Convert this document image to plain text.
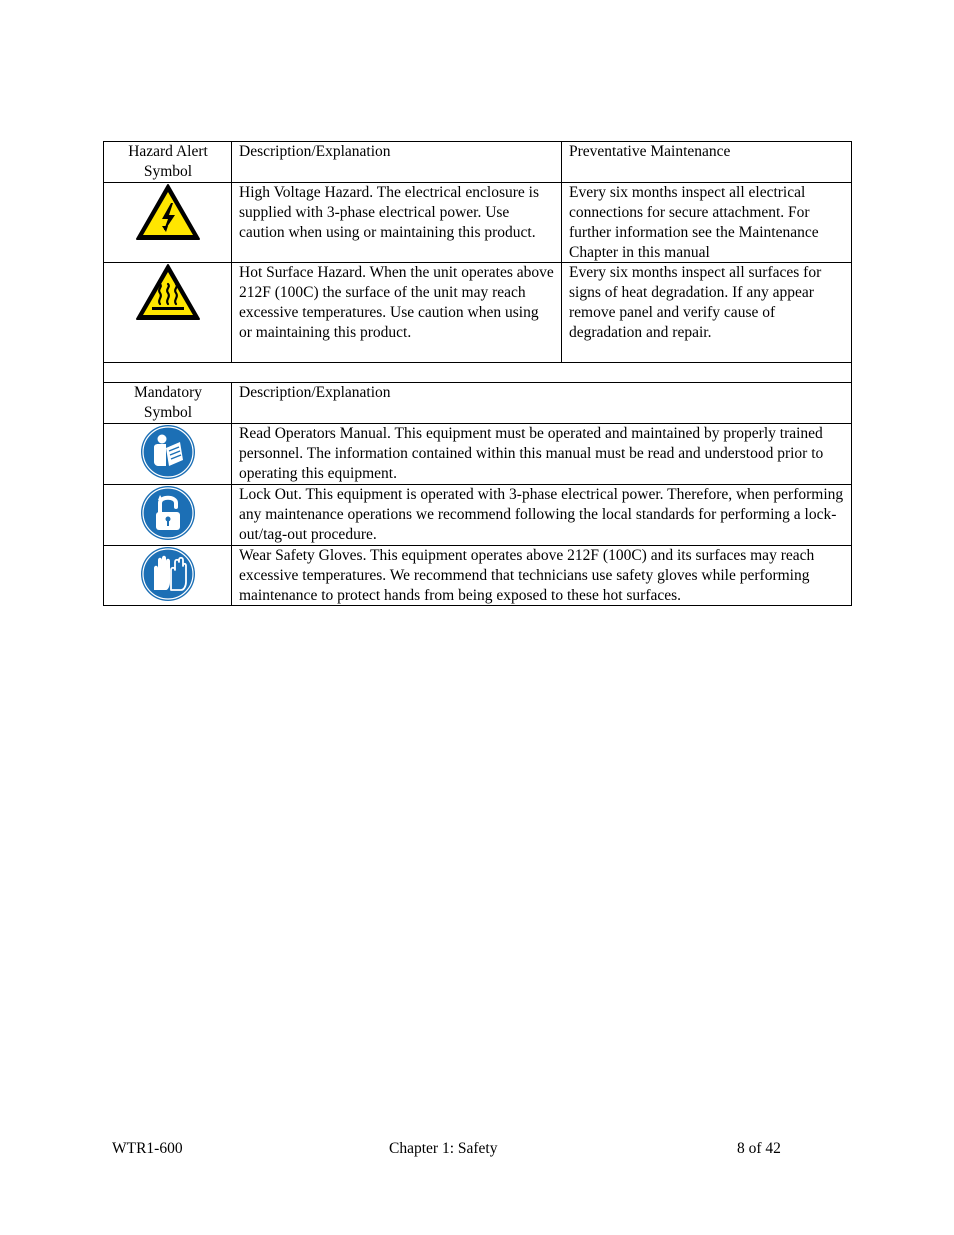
Hazard Alert Symbol	Description/Explanation	Preventative Maintenance

	High Voltage Hazard. The electrical enclosure is supplied with 3-phase electrical power. Use caution when using or maintaining this product.	Every six months inspect all electrical connections for secure attachment. For further information see the Maintenance Chapter in this manual

	Hot Surface Hazard. When the unit operates above 212F (100C) the surface of the unit may reach excessive temperatures. Use caution when using or maintaining this product.	Every six months inspect all surfaces for signs of heat degradation. If any appear remove panel and verify cause of degradation and repair.

Mandatory Symbol	Description/Explanation	

	Read Operators Manual. This equipment must be operated and maintained by properly trained personnel. The information contained within this manual must be read and understood prior to operating this equipment.	

	Lock Out. This equipment is operated with 3-phase electrical power. Therefore, when performing any maintenance operations we recommend following the local standards for performing a lock-out/tag-out procedure.	

	Wear Safety Gloves. This equipment operates above 212F (100C) and its surfaces may reach excessive temperatures. We recommend that technicians use safety gloves while performing maintenance to protect hands from being exposed to these hot surfaces.	
WTR1-600	Chapter 1: Safety	8 of 42
